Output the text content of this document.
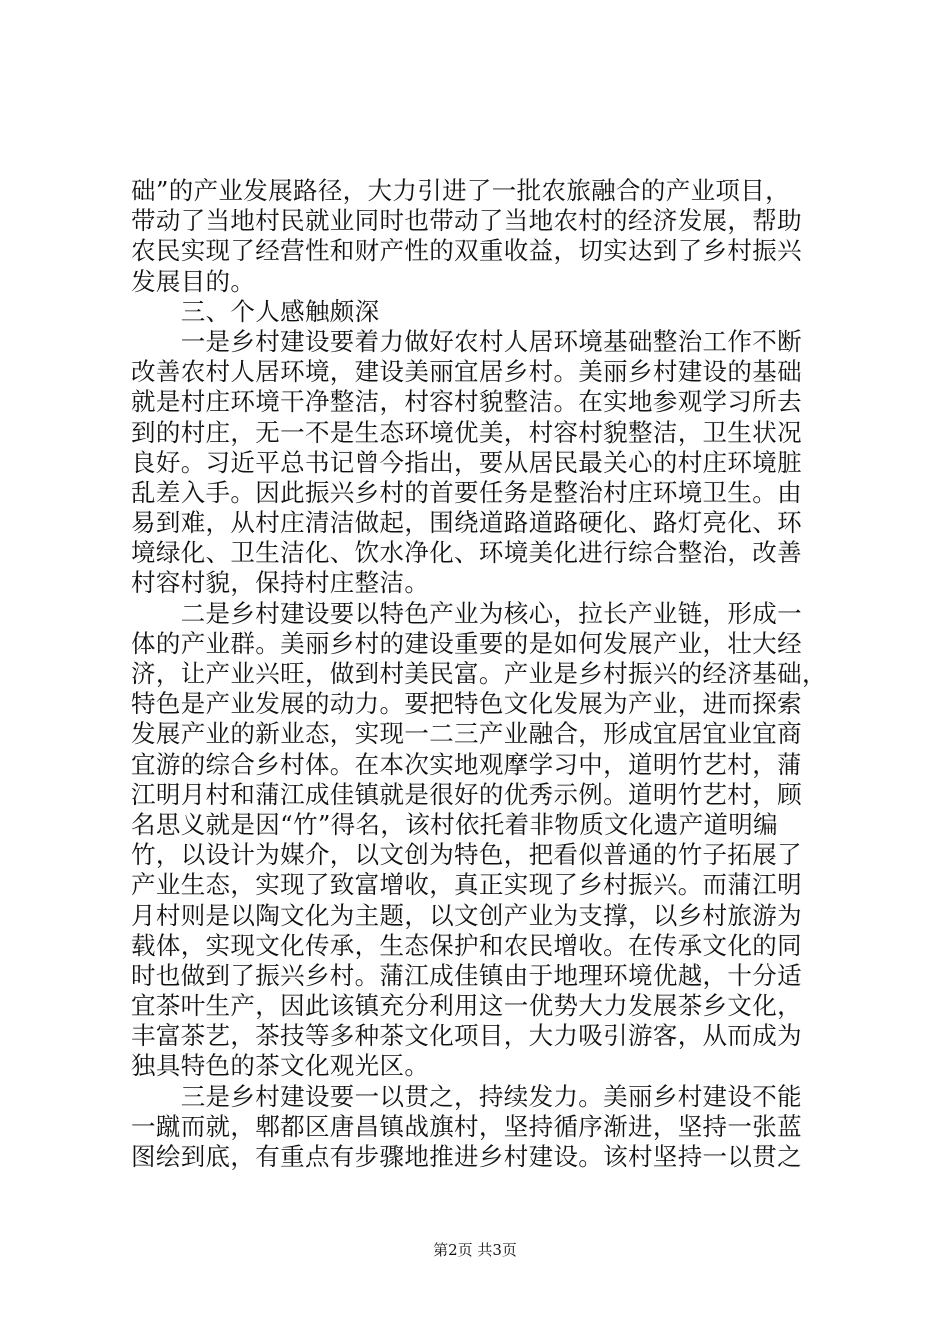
础”的产业发展路径，大力引进了一批农旅融合的产业项目，
带动了当地村民就业同时也带动了当地农村的经济发展，帮助
农民实现了经营性和财产性的双重收益，切实达到了乡村振兴
发展目的。
　　三、个人感触颇深
　　一是乡村建设要着力做好农村人居环境基础整治工作不断
改善农村人居环境，建设美丽宜居乡村。美丽乡村建设的基础
就是村庄环境干净整洁，村容村貌整洁。在实地参观学习所去
到的村庄，无一不是生态环境优美，村容村貌整洁，卫生状况
良好。习近平总书记曾今指出，要从居民最关心的村庄环境脏
乱差入手。因此振兴乡村的首要任务是整治村庄环境卫生。由
易到难，从村庄清洁做起，围绕道路道路硬化、路灯亮化、环
境绿化、卫生洁化、饮水净化、环境美化进行综合整治，改善
村容村貌，保持村庄整洁。
　　二是乡村建设要以特色产业为核心，拉长产业链，形成一
体的产业群。美丽乡村的建设重要的是如何发展产业，壮大经
济，让产业兴旺，做到村美民富。产业是乡村振兴的经济基础，
特色是产业发展的动力。要把特色文化发展为产业，进而探索
发展产业的新业态，实现一二三产业融合，形成宜居宜业宜商
宜游的综合乡村体。在本次实地观摩学习中，道明竹艺村，蒲
江明月村和蒲江成佳镇就是很好的优秀示例。道明竹艺村，顾
名思义就是因“竹”得名，该村依托着非物质文化遗产道明编
竹，以设计为媒介，以文创为特色，把看似普通的竹子拓展了
产业生态，实现了致富增收，真正实现了乡村振兴。而蒲江明
月村则是以陶文化为主题，以文创产业为支撑，以乡村旅游为
载体，实现文化传承，生态保护和农民增收。在传承文化的同
时也做到了振兴乡村。蒲江成佳镇由于地理环境优越，十分适
宜茶叶生产，因此该镇充分利用这一优势大力发展茶乡文化，
丰富茶艺，茶技等多种茶文化项目，大力吸引游客，从而成为
独具特色的茶文化观光区。
　　三是乡村建设要一以贯之，持续发力。美丽乡村建设不能
一蹴而就，郫都区唐昌镇战旗村，坚持循序渐进，坚持一张蓝
图绘到底，有重点有步骤地推进乡村建设。该村坚持一以贯之
第2页 共3页
